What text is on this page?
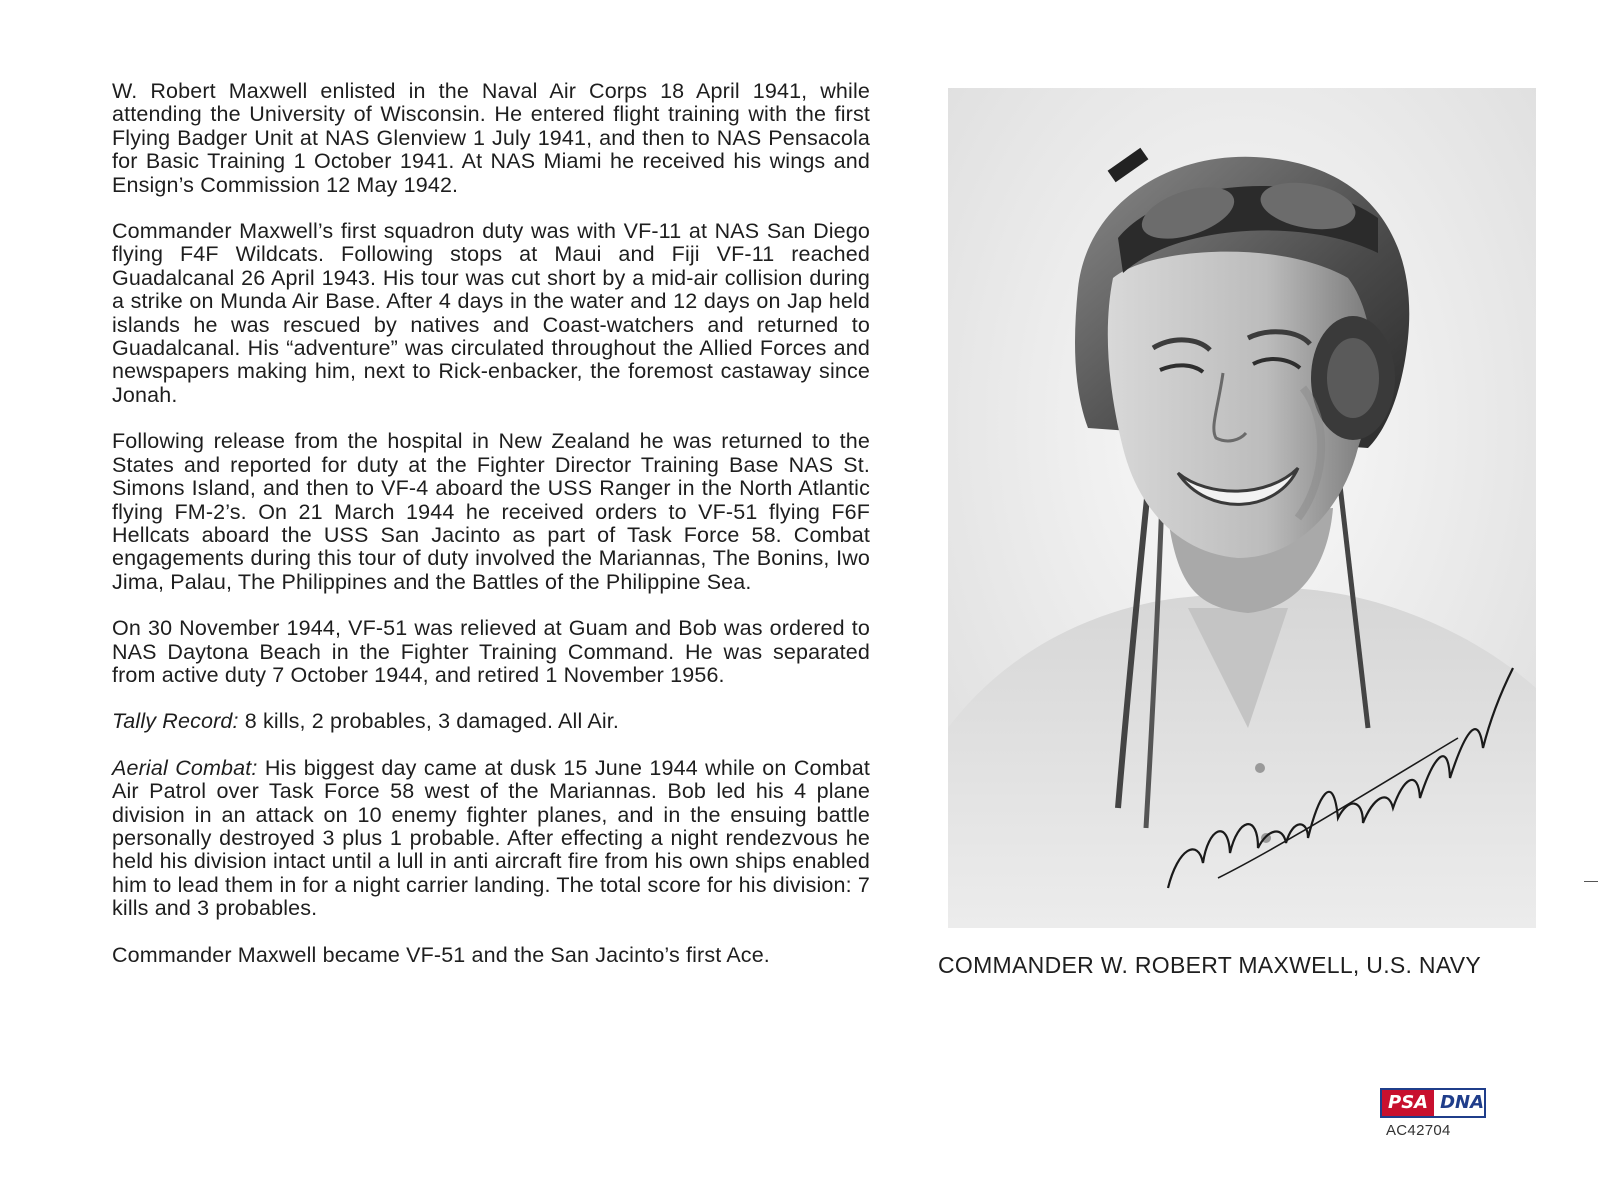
W. Robert Maxwell enlisted in the Naval Air Corps 18 April 1941, while attending the University of Wisconsin. He entered flight training with the first Flying Badger Unit at NAS Glenview 1 July 1941, and then to NAS Pensacola for Basic Training 1 October 1941. At NAS Miami he received his wings and Ensign’s Commission 12 May 1942.

Commander Maxwell’s first squadron duty was with VF-11 at NAS San Diego flying F4F Wildcats. Following stops at Maui and Fiji VF-11 reached Guadalcanal 26 April 1943. His tour was cut short by a mid-air collision during a strike on Munda Air Base. After 4 days in the water and 12 days on Jap held islands he was rescued by natives and Coast-watchers and returned to Guadalcanal. His “adventure” was circulated throughout the Allied Forces and newspapers making him, next to Rick-enbacker, the foremost castaway since Jonah.

Following release from the hospital in New Zealand he was returned to the States and reported for duty at the Fighter Director Training Base NAS St. Simons Island, and then to VF-4 aboard the USS Ranger in the North Atlantic flying FM-2’s. On 21 March 1944 he received orders to VF-51 flying F6F Hellcats aboard the USS San Jacinto as part of Task Force 58. Combat engagements during this tour of duty involved the Mariannas, The Bonins, Iwo Jima, Palau, The Philippines and the Battles of the Philippine Sea.

On 30 November 1944, VF-51 was relieved at Guam and Bob was ordered to NAS Daytona Beach in the Fighter Training Command. He was separated from active duty 7 October 1944, and retired 1 November 1956.

Tally Record: 8 kills, 2 probables, 3 damaged. All Air.

Aerial Combat: His biggest day came at dusk 15 June 1944 while on Combat Air Patrol over Task Force 58 west of the Mariannas. Bob led his 4 plane division in an attack on 10 enemy fighter planes, and in the ensuing battle personally destroyed 3 plus 1 probable. After effecting a night rendezvous he held his division intact until a lull in anti aircraft fire from his own ships enabled him to lead them in for a night carrier landing. The total score for his division: 7 kills and 3 probables.

Commander Maxwell became VF-51 and the San Jacinto’s first Ace.	COMMANDER W. ROBERT MAXWELL, U.S. NAVY
PSA DNA
AC42704
